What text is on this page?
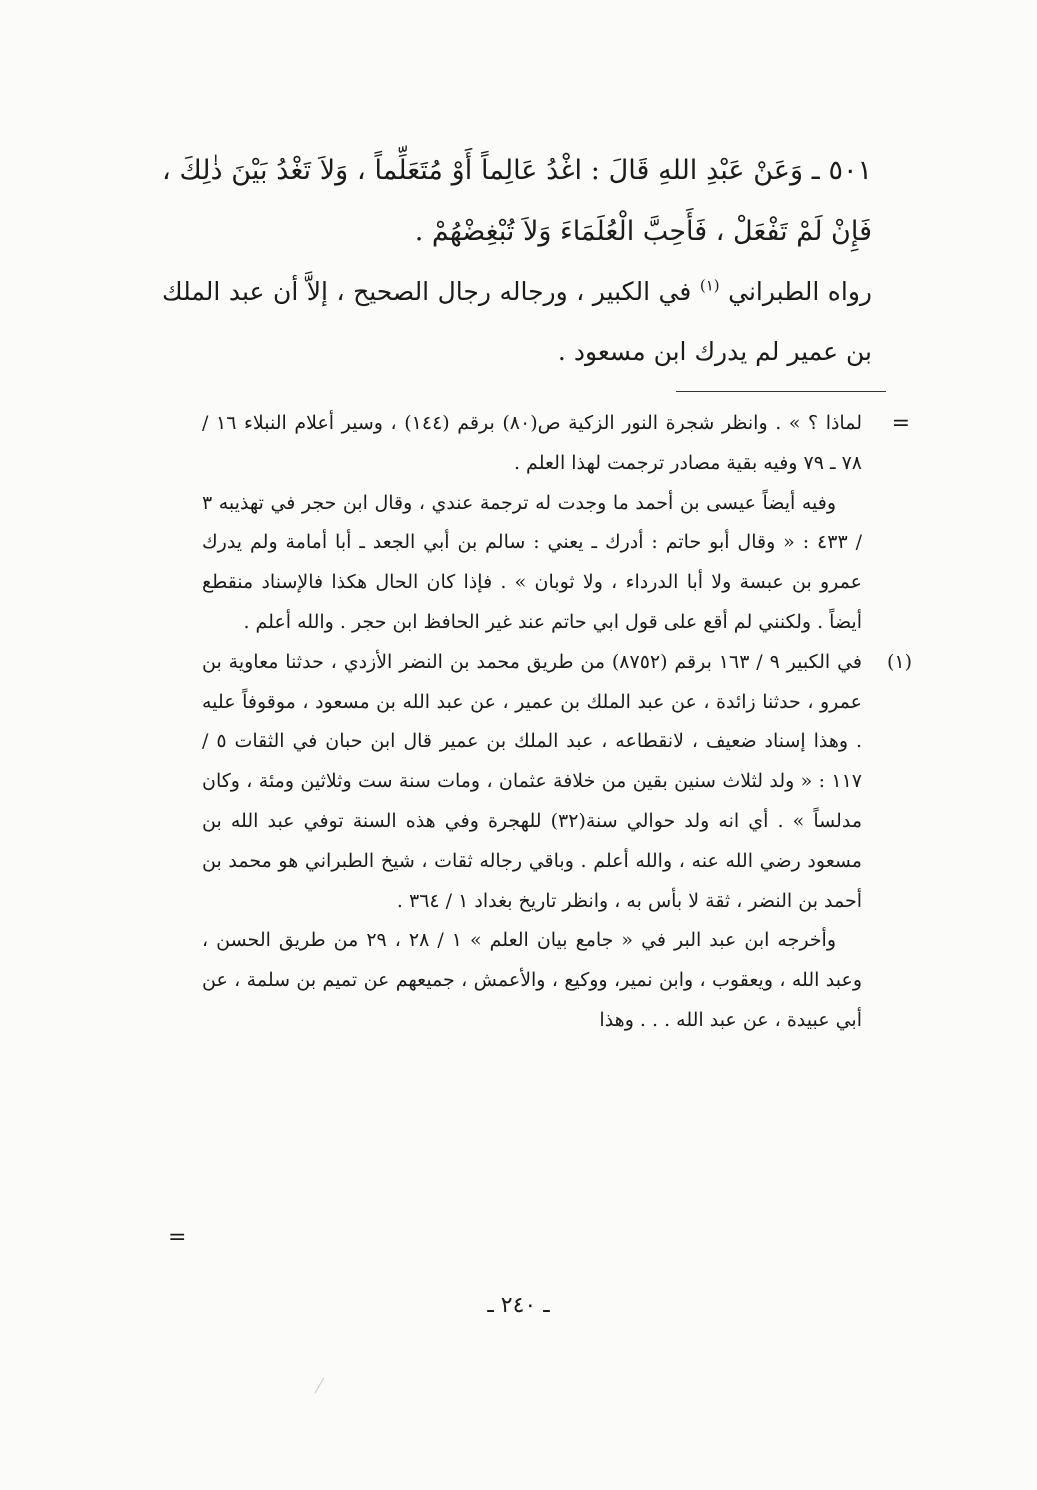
٥٠١ ـ وَعَنْ عَبْدِ اللهِ قَالَ : اغْدُ عَالِماً أَوْ مُتَعَلِّماً ، وَلاَ تَغْدُ بَيْنَ ذٰلِكَ ، فَإِنْ لَمْ تَفْعَلْ ، فَأَحِبَّ الْعُلَمَاءَ وَلاَ تُبْغِضْهُمْ .

رواه الطبراني $^{(١)}$ في الكبير ، ورجاله رجال الصحيح ، إلاَّ أن عبد الملك بن عمير لم يدرك ابن مسعود .

=

لماذا ؟ » . وانظر شجرة النور الزكية ص(٨٠) برقم (١٤٤) ، وسير أعلام النبلاء ١٦ / ٧٨ ـ ٧٩ وفيه بقية مصادر ترجمت لهذا العلم .

وفيه أيضاً عيسى بن أحمد ما وجدت له ترجمة عندي ، وقال ابن حجر في تهذيبه ٣ / ٤٣٣ : « وقال أبو حاتم : أدرك ـ يعني : سالم بن أبي الجعد ـ أبا أمامة ولم يدرك عمرو بن عبسة ولا أبا الدرداء ، ولا ثوبان » . فإذا كان الحال هكذا فالإسناد منقطع أيضاً . ولكنني لم أقع على قول ابي حاتم عند غير الحافظ ابن حجر . والله أعلم .

(١)
في الكبير ٩ / ١٦٣ برقم (٨٧٥٢) من طريق محمد بن النضر الأزدي ، حدثنا معاوية بن عمرو ، حدثنا زائدة ، عن عبد الملك بن عمير ، عن عبد الله بن مسعود ، موقوفاً عليه . وهذا إسناد ضعيف ، لانقطاعه ، عبد الملك بن عمير قال ابن حبان في الثقات ٥ / ١١٧ : « ولد لثلاث سنين بقين من خلافة عثمان ، ومات سنة ست وثلاثين ومئة ، وكان مدلساً » . أي انه ولد حوالي سنة(٣٢) للهجرة وفي هذه السنة توفي عبد الله بن مسعود رضي الله عنه ، والله أعلم . وباقي رجاله ثقات ، شيخ الطبراني هو محمد بن أحمد بن النضر ، ثقة لا بأس به ، وانظر تاريخ بغداد ١ / ٣٦٤ .

وأخرجه ابن عبد البر في « جامع بيان العلم » ١ / ٢٨ ، ٢٩ من طريق الحسن ، وعبد الله ، ويعقوب ، وابن نمير، ووكيع ، والأعمش ، جميعهم عن تميم بن سلمة ، عن أبي عبيدة ، عن عبد الله . . . وهذا

=
ـ ٢٤٠ ـ
